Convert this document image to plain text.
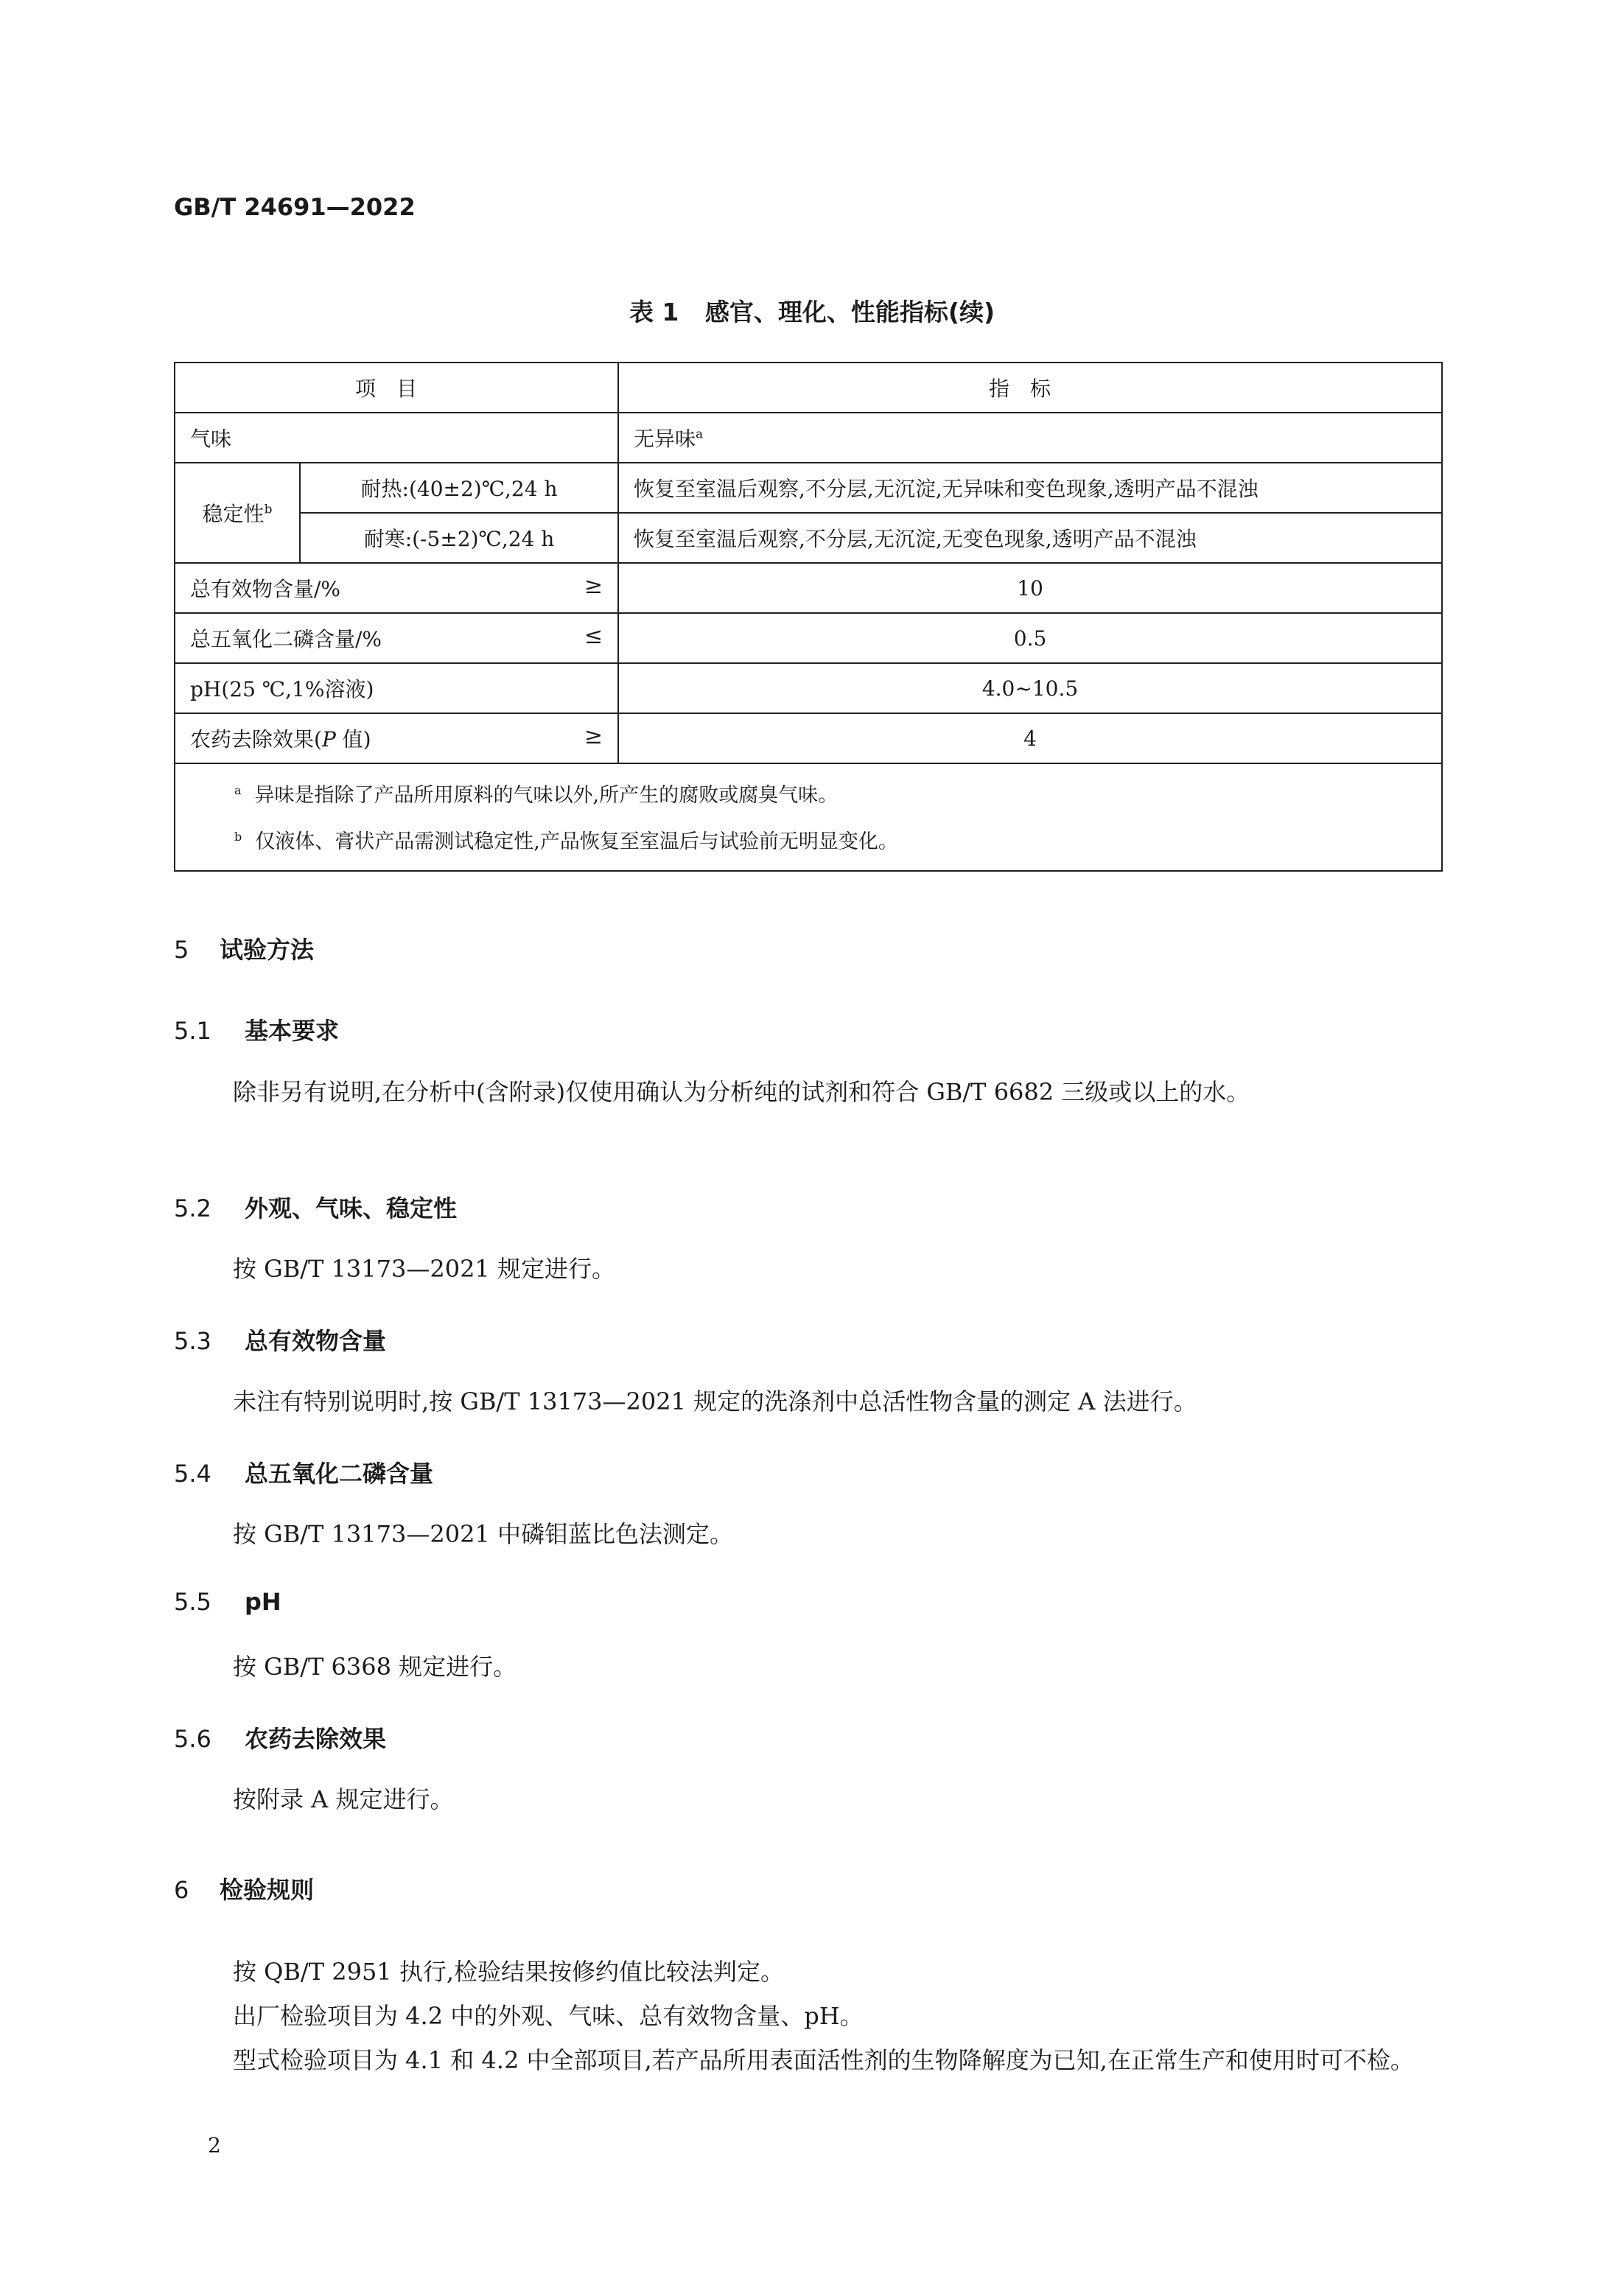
GB/T 24691—2022
表 1 感官、理化、性能指标(续)
项目		指标
气味		无异味$^a$
稳定性$^b$	耐热:(40±2)℃,24 h	恢复至室温后观察,不分层,无沉淀,无异味和变色现象,透明产品不混浊
	耐寒:(-5±2)℃,24 h	恢复至室温后观察,不分层,无沉淀,无变色现象,透明产品不混浊
总有效物含量/% ≥		10
总五氧化二磷含量/% ≤		0.5
pH(25 ℃,1%溶液)		4.0~10.5
农药去除效果(P 值) ≥		4

$^a$ 异味是指除了产品所用原料的气味以外,所产生的腐败或腐臭气味。
$^b$ 仅液体、膏状产品需测试稳定性,产品恢复至室温后与试验前无明显变化。		
5 试验方法
5.1 基本要求
除非另有说明,在分析中(含附录)仅使用确认为分析纯的试剂和符合 GB/T 6682 三级或以上的水。
5.2 外观、气味、稳定性
按 GB/T 13173—2021 规定进行。
5.3 总有效物含量
未注有特别说明时,按 GB/T 13173—2021 规定的洗涤剂中总活性物含量的测定 A 法进行。
5.4 总五氧化二磷含量
按 GB/T 13173—2021 中磷钼蓝比色法测定。
5.5 pH
按 GB/T 6368 规定进行。
5.6 农药去除效果
按附录 A 规定进行。
6 检验规则
按 QB/T 2951 执行,检验结果按修约值比较法判定。
出厂检验项目为 4.2 中的外观、气味、总有效物含量、pH。
型式检验项目为 4.1 和 4.2 中全部项目,若产品所用表面活性剂的生物降解度为已知,在正常生产和使用时可不检。
2
